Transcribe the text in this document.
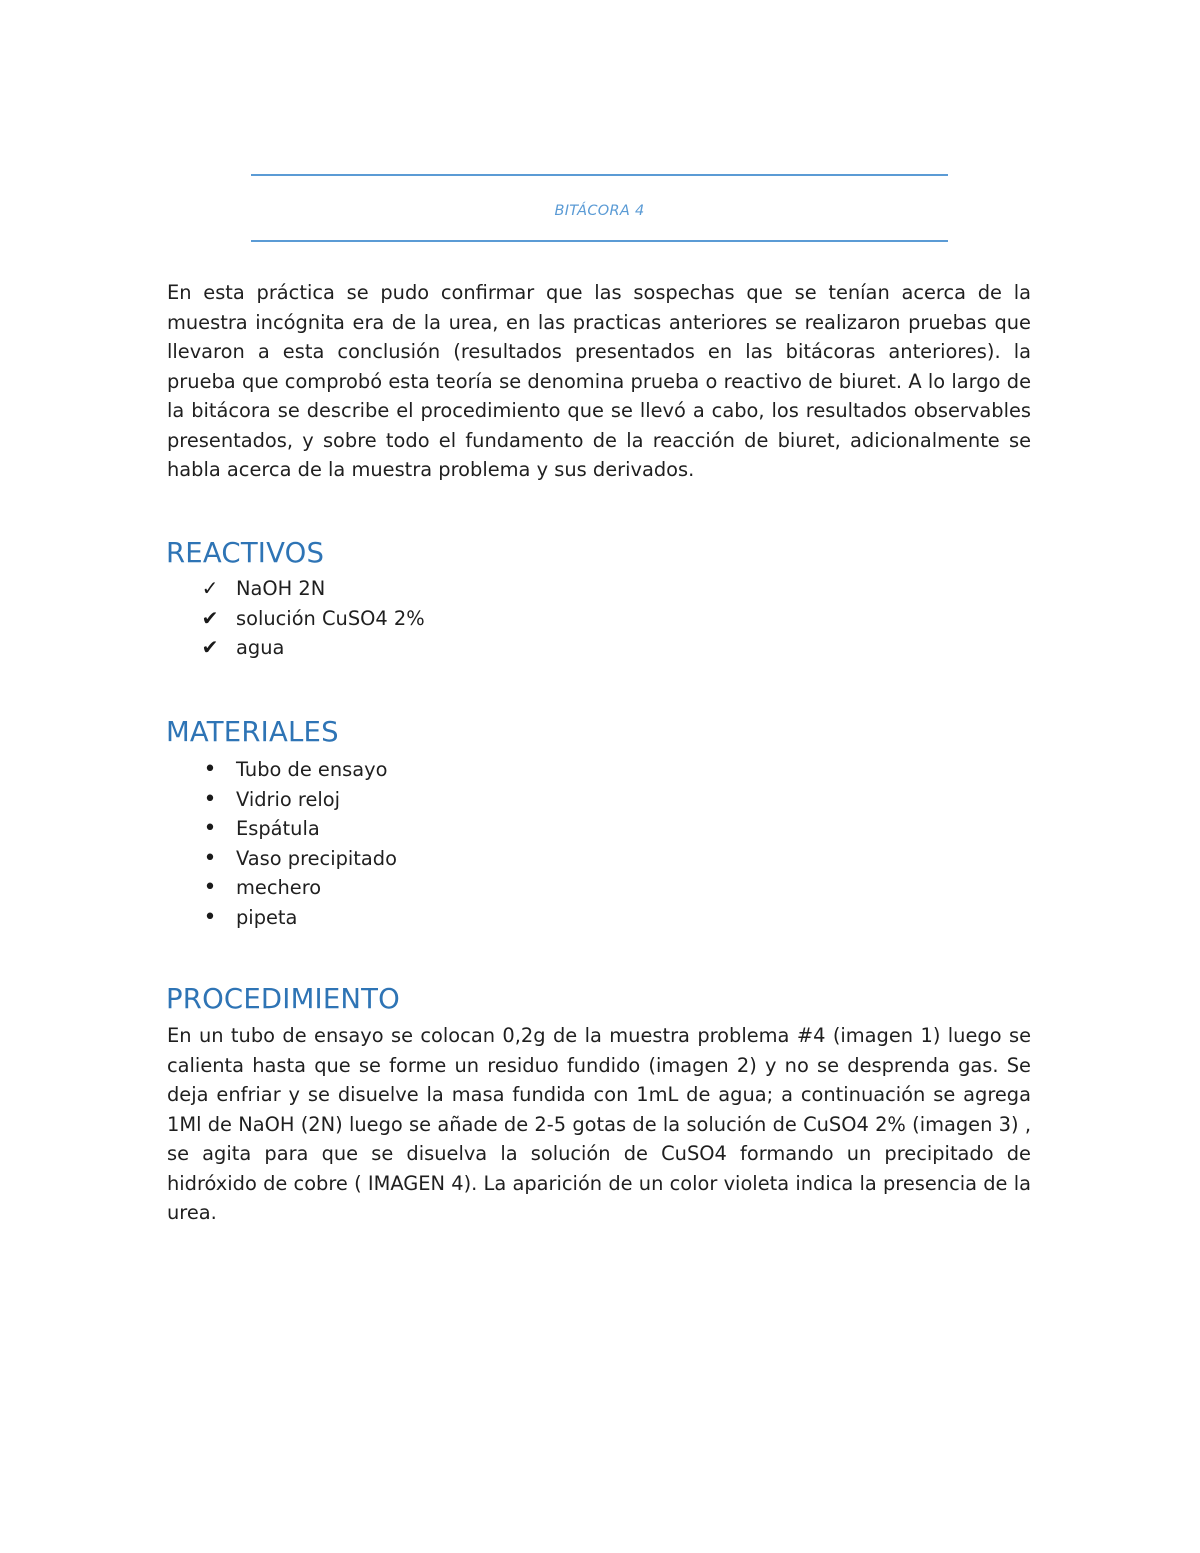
BITÁCORA 4

En esta práctica se pudo confirmar que las sospechas que se tenían acerca de la muestra incógnita era de la urea, en las practicas anteriores se realizaron pruebas que llevaron a esta conclusión (resultados presentados en las bitácoras anteriores). la prueba que comprobó esta teoría se denomina prueba o reactivo de biuret. A lo largo de la bitácora se describe el procedimiento que se llevó a cabo, los resultados observables presentados, y sobre todo el fundamento de la reacción de biuret, adicionalmente se habla acerca de la muestra problema y sus derivados.

REACTIVOS
✓ NaOH 2N
✔ solución CuSO4 2%
✔ agua
MATERIALES
• Tubo de ensayo
• Vidrio reloj
• Espátula
• Vaso precipitado
• mechero
• pipeta
PROCEDIMIENTO

En un tubo de ensayo se colocan 0,2g de la muestra problema #4 (imagen 1) luego se calienta hasta que se forme un residuo fundido (imagen 2) y no se desprenda gas. Se deja enfriar y se disuelve la masa fundida con 1mL de agua; a continuación se agrega 1Ml de NaOH (2N) luego se añade de 2-5 gotas de la solución de CuSO4 2% (imagen 3) , se agita para que se disuelva la solución de CuSO4 formando un precipitado de hidróxido de cobre ( IMAGEN 4). La aparición de un color violeta indica la presencia de la urea.
